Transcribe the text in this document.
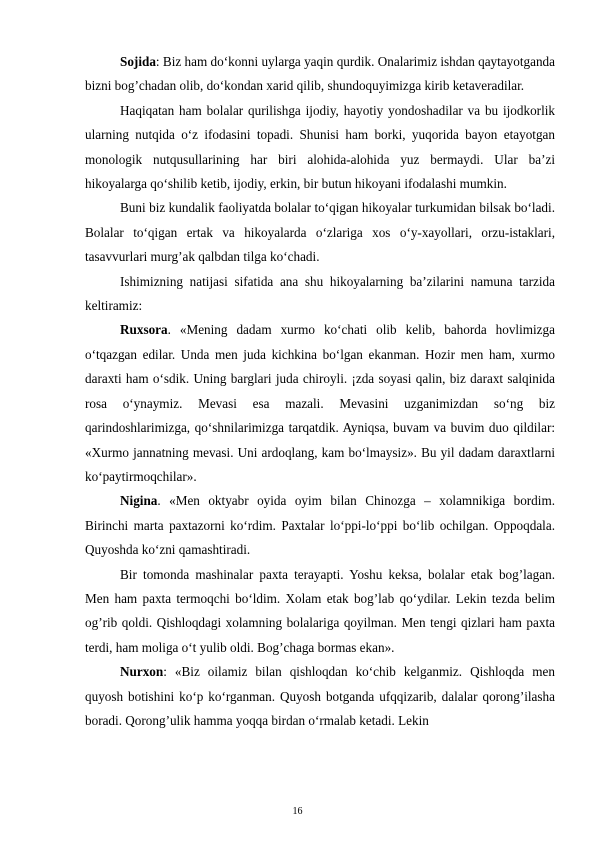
Sojida: Biz ham do‘konni uylarga yaqin qurdik. Onalarimiz ishdan qaytayotganda bizni bog’chadan olib, do‘kondan xarid qilib, shundoquyimizga kirib ketaveradilar.

Haqiqatan ham bolalar qurilishga ijodiy, hayotiy yondoshadilar va bu ijodkorlik ularning nutqida o‘z ifodasini topadi. Shunisi ham borki, yuqorida bayon etayotgan monologik nutqusullarining har biri alohida-alohida yuz bermaydi. Ular ba’zi hikoyalarga qo‘shilib ketib, ijodiy, erkin, bir butun hikoyani ifodalashi mumkin.

Buni biz kundalik faoliyatda bolalar to‘qigan hikoyalar turkumidan bilsak bo‘ladi. Bolalar to‘qigan ertak va hikoyalarda o‘zlariga xos o‘y-xayollari, orzu-istaklari, tasavvurlari murg’ak qalbdan tilga ko‘chadi.

Ishimizning natijasi sifatida ana shu hikoyalarning ba’zilarini namuna tarzida keltiramiz:

Ruxsora. «Mening dadam xurmo ko‘chati olib kelib, bahorda hovlimizga o‘tqazgan edilar. Unda men juda kichkina bo‘lgan ekanman. Hozir men ham, xurmo daraxti ham o‘sdik. Uning barglari juda chiroyli. ¡zda soyasi qalin, biz daraxt salqinida rosa o‘ynaymiz. Mevasi esa mazali. Mevasini uzganimizdan so‘ng biz qarindoshlarimizga, qo‘shnilarimizga tarqatdik. Ayniqsa, buvam va buvim duo qildilar: «Xurmo jannatning mevasi. Uni ardoqlang, kam bo‘lmaysiz». Bu yil dadam daraxtlarni ko‘paytirmoqchilar».

Nigina. «Men oktyabr oyida oyim bilan Chinozga – xolamnikiga bordim. Birinchi marta paxtazorni ko‘rdim. Paxtalar lo‘ppi-lo‘ppi bo‘lib ochilgan. Oppoqdala. Quyoshda ko‘zni qamashtiradi.

Bir tomonda mashinalar paxta terayapti. Yoshu keksa, bolalar etak bog’lagan. Men ham paxta termoqchi bo‘ldim. Xolam etak bog’lab qo‘ydilar. Lekin tezda belim og’rib qoldi. Qishloqdagi xolamning bolalariga qoyilman. Men tengi qizlari ham paxta terdi, ham moliga o‘t yulib oldi. Bog’chaga bormas ekan».

Nurxon: «Biz oilamiz bilan qishloqdan ko‘chib kelganmiz. Qishloqda men quyosh botishini ko‘p ko‘rganman. Quyosh botganda ufqqizarib, dalalar qorong’ilasha boradi. Qorong’ulik hamma yoqqa birdan o‘rmalab ketadi. Lekin

16
